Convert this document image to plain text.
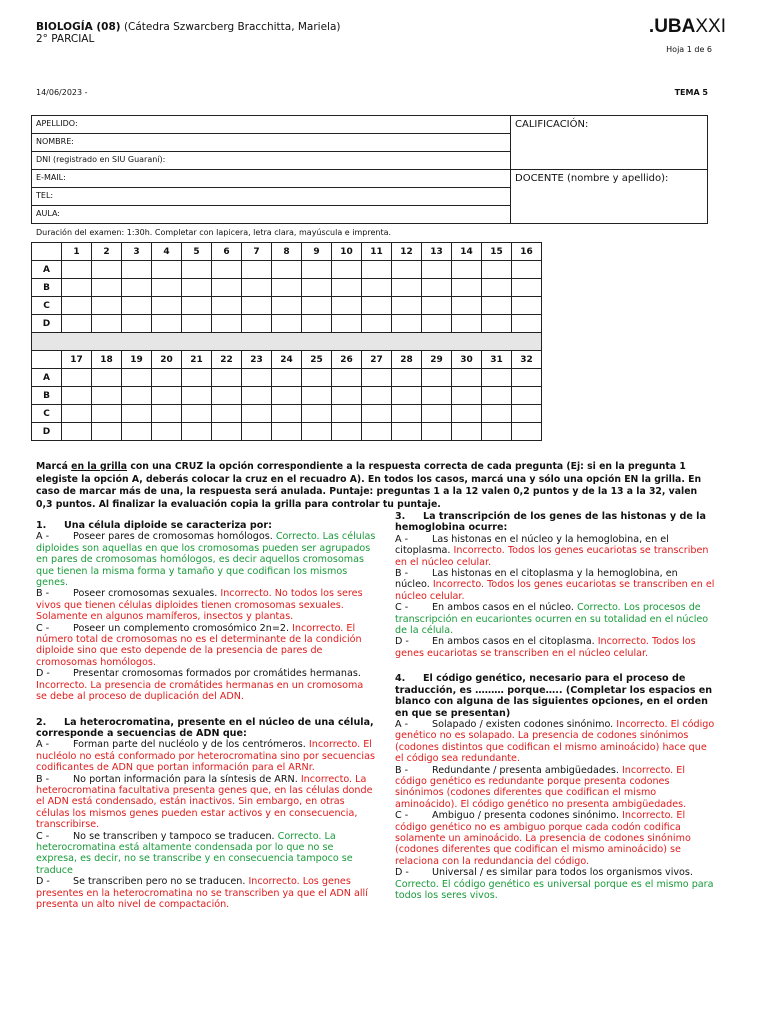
BIOLOGÍA (08) (Cátedra Szwarcberg Bracchitta, Mariela)
2° PARCIAL
.UBAXXI
Hoja 1 de 6
14/06/2023 -	TEMA 5
APELLIDO:	CALIFICACIÓN:
NOMBRE:	
DNI (registrado en SIU Guaraní):	
E-MAIL:	DOCENTE (nombre y apellido):
TEL:	
AULA:	
Duración del examen: 1:30h. Completar con lapicera, letra clara, mayúscula e imprenta.
	1	2	3	4	5	6	7	8	9	10	11	12	13	14	15	16
A																
B																
C																
D																

	17	18	19	20	21	22	23	24	25	26	27	28	29	30	31	32
A																
B																
C																
D																
Marcá en la grilla con una CRUZ la opción correspondiente a la respuesta correcta de cada pregunta (Ej: si en la pregunta 1 elegiste la opción A, deberás colocar la cruz en el recuadro A). En todos los casos, marcá una y sólo una opción EN la grilla. En caso de marcar más de una, la respuesta será anulada. Puntaje: preguntas 1 a la 12 valen 0,2 puntos y de la 13 a la 32, valen 0,3 puntos. Al finalizar la evaluación copia la grilla para controlar tu puntaje.

1. Una célula diploide se caracteriza por:

A - Poseer pares de cromosomas homólogos. Correcto. Las células diploides son aquellas en que los cromosomas pueden ser agrupados en pares de cromosomas homólogos, es decir aquellos cromosomas que tienen la misma forma y tamaño y que codifican los mismos genes.

B - Poseer cromosomas sexuales. Incorrecto. No todos los seres vivos que tienen células diploides tienen cromosomas sexuales. Solamente en algunos mamíferos, insectos y plantas.

C - Poseer un complemento cromosómico 2n=2. Incorrecto. El número total de cromosomas no es el determinante de la condición diploide sino que esto depende de la presencia de pares de cromosomas homólogos.

D - Presentar cromosomas formados por cromátides hermanas. Incorrecto. La presencia de cromátides hermanas en un cromosoma se debe al proceso de duplicación del ADN.

2. La heterocromatina, presente en el núcleo de una célula, corresponde a secuencias de ADN que:

A - Forman parte del nucléolo y de los centrómeros. Incorrecto. El nucléolo no está conformado por heterocromatina sino por secuencias codificantes de ADN que portan información para el ARNr.

B - No portan información para la síntesis de ARN. Incorrecto. La heterocromatina facultativa presenta genes que, en las células donde el ADN está condensado, están inactivos. Sin embargo, en otras células los mismos genes pueden estar activos y en consecuencia, transcribirse.

C - No se transcriben y tampoco se traducen. Correcto. La heterocromatina está altamente condensada por lo que no se expresa, es decir, no se transcribe y en consecuencia tampoco se traduce

D - Se transcriben pero no se traducen. Incorrecto. Los genes presentes en la heterocromatina no se transcriben ya que el ADN allí presenta un alto nivel de compactación.

3. La transcripción de los genes de las histonas y de la hemoglobina ocurre:

A - Las histonas en el núcleo y la hemoglobina, en el citoplasma. Incorrecto. Todos los genes eucariotas se transcriben en el núcleo celular.

B - Las histonas en el citoplasma y la hemoglobina, en núcleo. Incorrecto. Todos los genes eucariotas se transcriben en el núcleo celular.

C - En ambos casos en el núcleo. Correcto. Los procesos de transcripción en eucariontes ocurren en su totalidad en el núcleo de la célula.

D - En ambos casos en el citoplasma. Incorrecto. Todos los genes eucariotas se transcriben en el núcleo celular.

4. El código genético, necesario para el proceso de traducción, es ……… porque….. (Completar los espacios en blanco con alguna de las siguientes opciones, en el orden en que se presentan)

A - Solapado / existen codones sinónimo. Incorrecto. El código genético no es solapado. La presencia de codones sinónimos (codones distintos que codifican el mismo aminoácido) hace que el código sea redundante.

B - Redundante / presenta ambigüedades. Incorrecto. El código genético es redundante porque presenta codones sinónimos (codones diferentes que codifican el mismo aminoácido). El código genético no presenta ambigüedades.

C - Ambiguo / presenta codones sinónimo. Incorrecto. El código genético no es ambiguo porque cada codón codifica solamente un aminoácido. La presencia de codones sinónimo (codones diferentes que codifican el mismo aminoácido) se relaciona con la redundancia del código.

D - Universal / es similar para todos los organismos vivos. Correcto. El código genético es universal porque es el mismo para todos los seres vivos.
